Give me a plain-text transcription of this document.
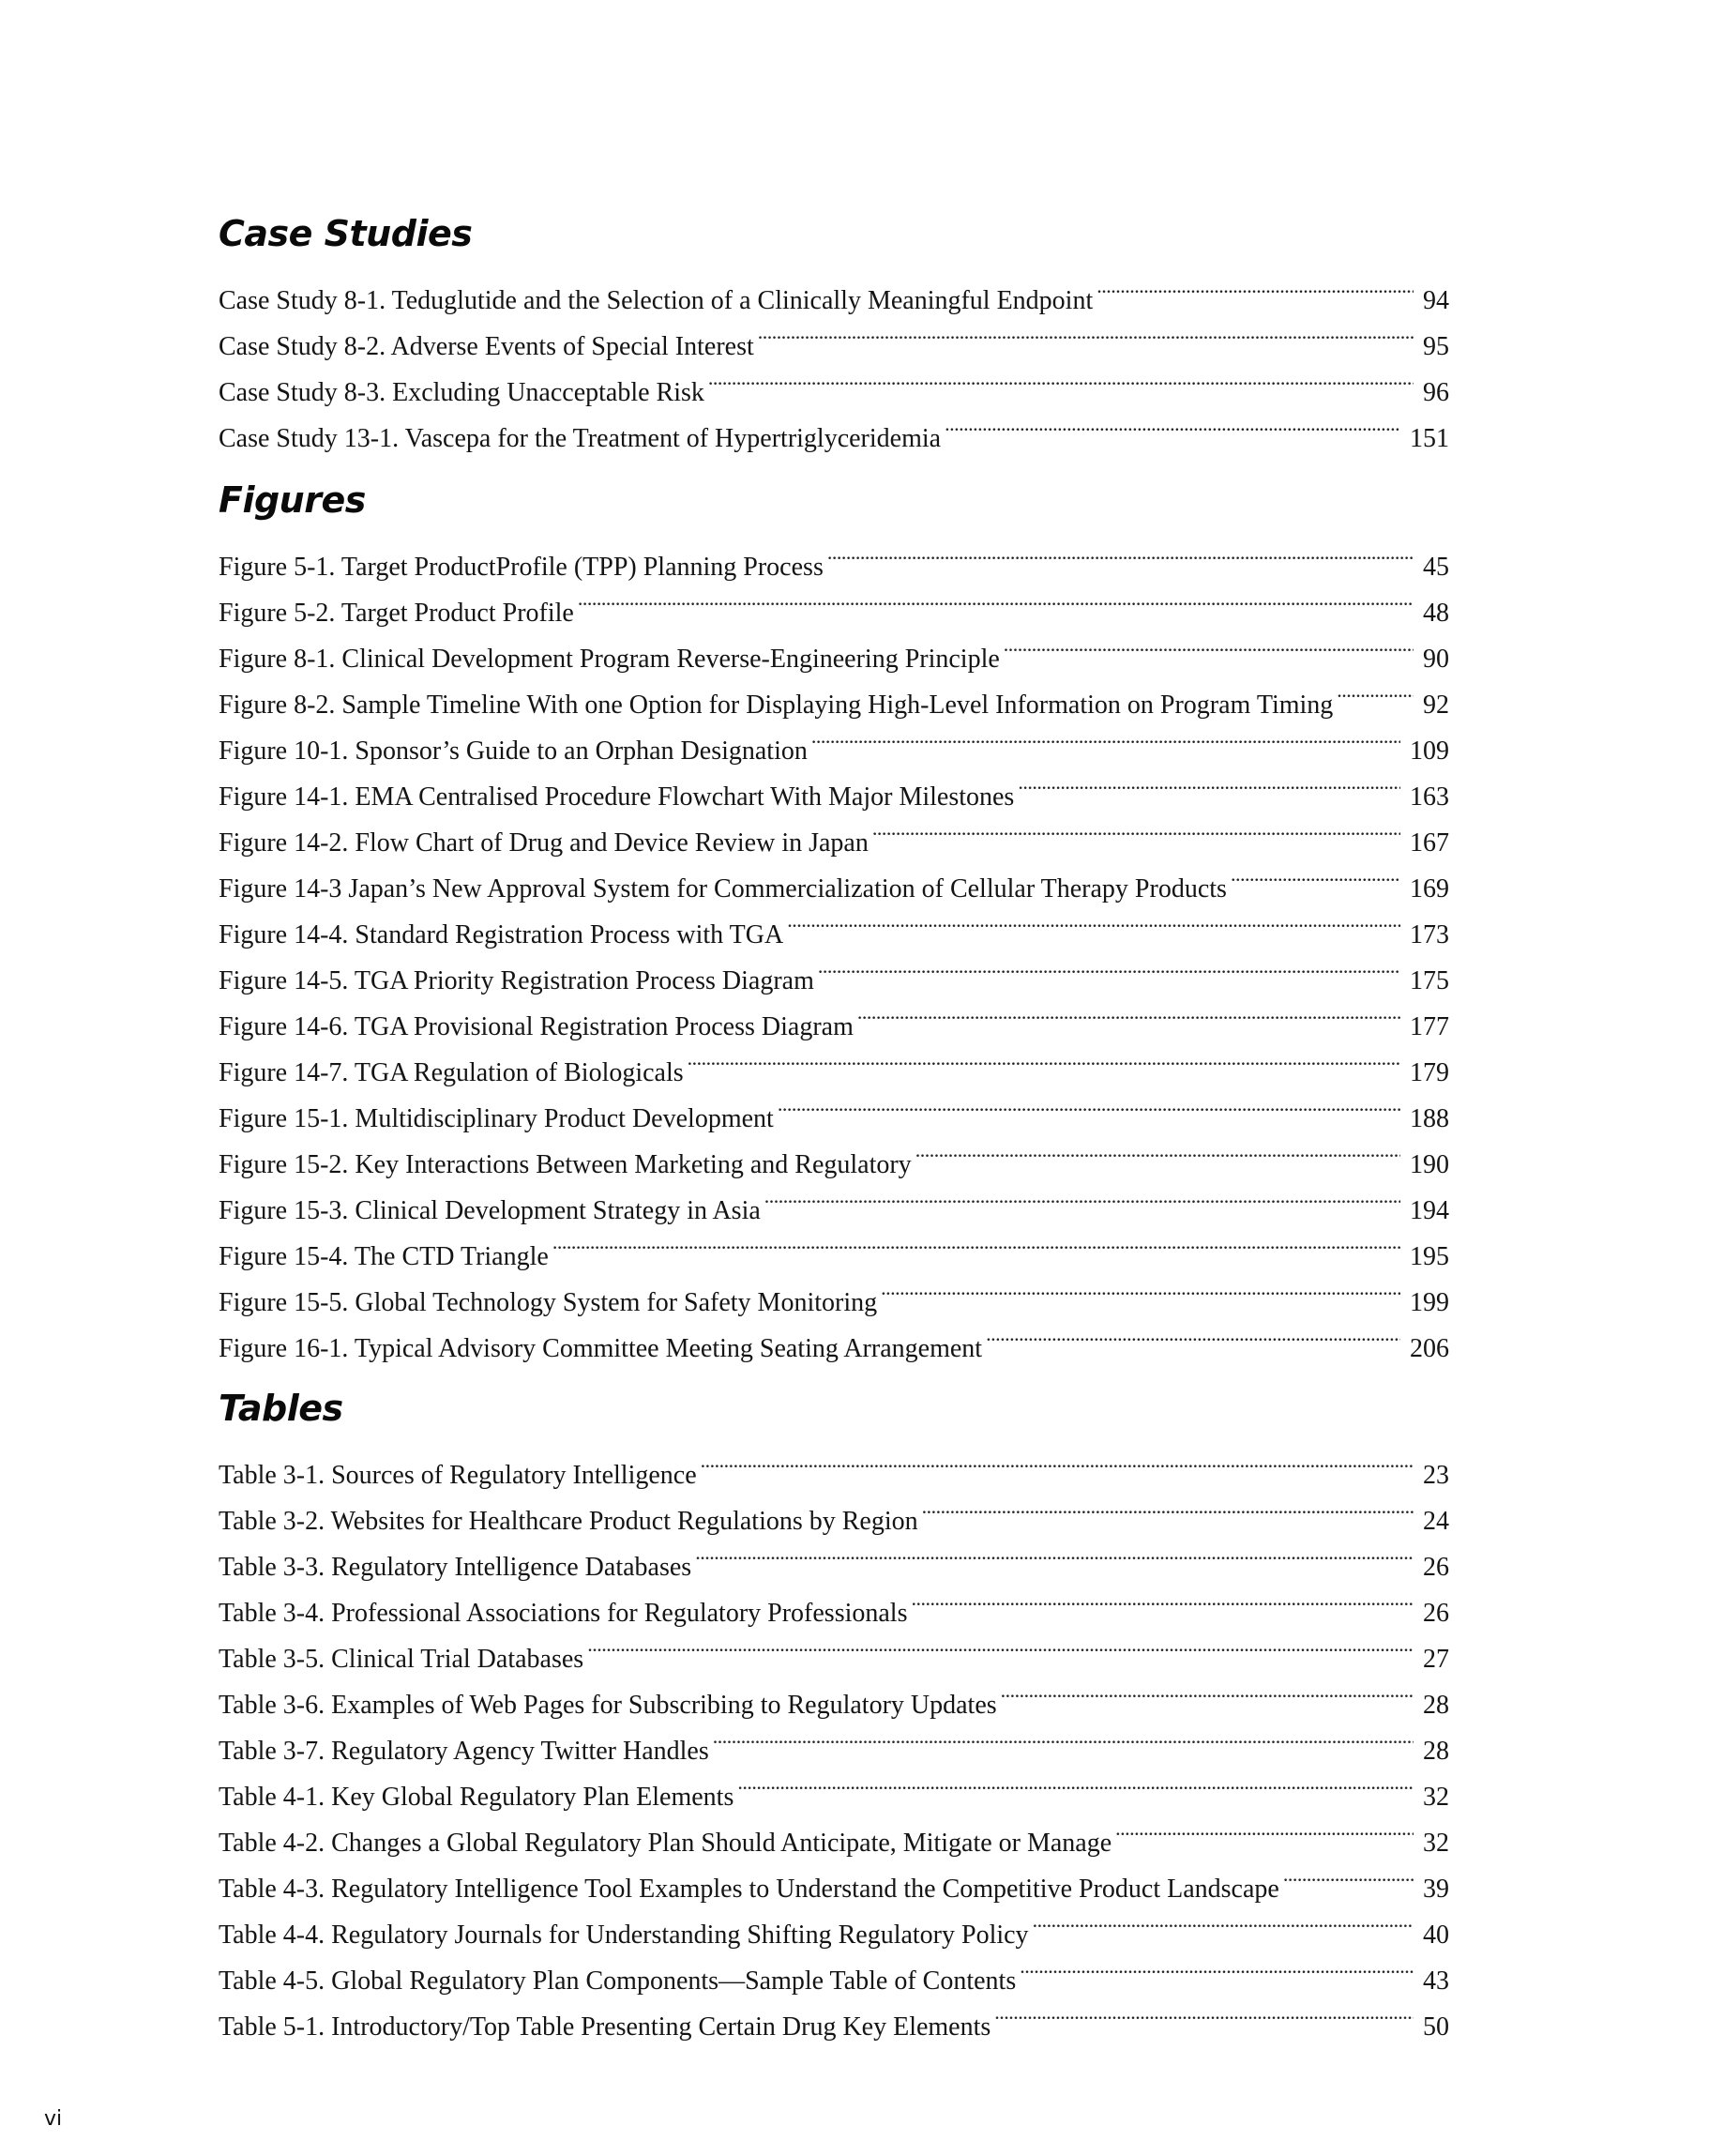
Case Studies
Case Study 8-1. Teduglutide and the Selection of a Clinically Meaningful Endpoint . . .	94
Case Study 8-2. Adverse Events of Special Interest . . .	95
Case Study 8-3. Excluding Unacceptable Risk . . .	96
Case Study 13-1. Vascepa for the Treatment of Hypertriglyceridemia . . .	151
Figures
Figure 5-1. Target ProductProfile (TPP) Planning Process . . .	45
Figure 5-2. Target Product Profile . . .	48
Figure 8-1. Clinical Development Program Reverse-Engineering Principle . . .	90
Figure 8-2. Sample Timeline With one Option for Displaying High-Level Information on Program Timing . . .	92
Figure 10-1. Sponsor’s Guide to an Orphan Designation . . .	109
Figure 14-1. EMA Centralised Procedure Flowchart With Major Milestones . . .	163
Figure 14-2. Flow Chart of Drug and Device Review in Japan . . .	167
Figure 14-3 Japan’s New Approval System for Commercialization of Cellular Therapy Products . . .	169
Figure 14-4. Standard Registration Process with TGA . . .	173
Figure 14-5. TGA Priority Registration Process Diagram . . .	175
Figure 14-6. TGA Provisional Registration Process Diagram . . .	177
Figure 14-7. TGA Regulation of Biologicals . . .	179
Figure 15-1. Multidisciplinary Product Development . . .	188
Figure 15-2. Key Interactions Between Marketing and Regulatory . . .	190
Figure 15-3. Clinical Development Strategy in Asia . . .	194
Figure 15-4. The CTD Triangle . . .	195
Figure 15-5. Global Technology System for Safety Monitoring . . .	199
Figure 16-1. Typical Advisory Committee Meeting Seating Arrangement . . .	206
Tables
Table 3-1. Sources of Regulatory Intelligence . . .	23
Table 3-2. Websites for Healthcare Product Regulations by Region . . .	24
Table 3-3. Regulatory Intelligence Databases . . .	26
Table 3-4. Professional Associations for Regulatory Professionals . . .	26
Table 3-5. Clinical Trial Databases . . .	27
Table 3-6. Examples of Web Pages for Subscribing to Regulatory Updates . . .	28
Table 3-7. Regulatory Agency Twitter Handles . . .	28
Table 4-1. Key Global Regulatory Plan Elements . . .	32
Table 4-2. Changes a Global Regulatory Plan Should Anticipate, Mitigate or Manage . . .	32
Table 4-3. Regulatory Intelligence Tool Examples to Understand the Competitive Product Landscape . . .	39
Table 4-4. Regulatory Journals for Understanding Shifting Regulatory Policy . . .	40
Table 4-5. Global Regulatory Plan Components—Sample Table of Contents . . .	43
Table 5-1. Introductory/Top Table Presenting Certain Drug Key Elements . . .	50
vi
